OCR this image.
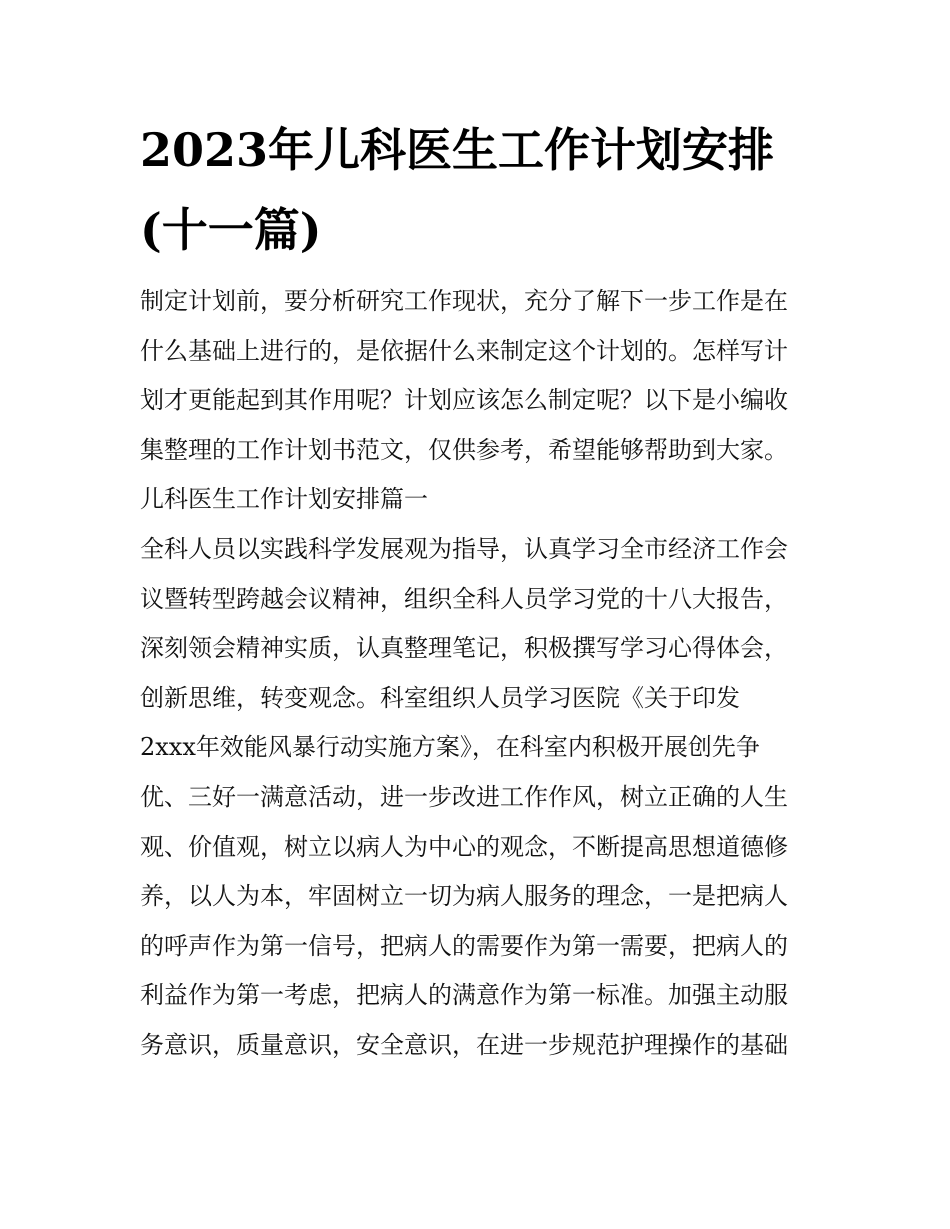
2023年儿科医生工作计划安排
(十一篇)
制定计划前，要分析研究工作现状，充分了解下一步工作是在
什么基础上进行的，是依据什么来制定这个计划的。怎样写计
划才更能起到其作用呢？计划应该怎么制定呢？以下是小编收
集整理的工作计划书范文，仅供参考，希望能够帮助到大家。
儿科医生工作计划安排篇一
全科人员以实践科学发展观为指导，认真学习全市经济工作会
议暨转型跨越会议精神，组织全科人员学习党的十八大报告，
深刻领会精神实质，认真整理笔记，积极撰写学习心得体会，
创新思维，转变观念。科室组织人员学习医院《关于印发
2xxx年效能风暴行动实施方案》，在科室内积极开展创先争
优、三好一满意活动，进一步改进工作作风，树立正确的人生
观、价值观，树立以病人为中心的观念，不断提高思想道德修
养，以人为本，牢固树立一切为病人服务的理念，一是把病人
的呼声作为第一信号，把病人的需要作为第一需要，把病人的
利益作为第一考虑，把病人的满意作为第一标准。加强主动服
务意识，质量意识，安全意识，在进一步规范护理操作的基础
